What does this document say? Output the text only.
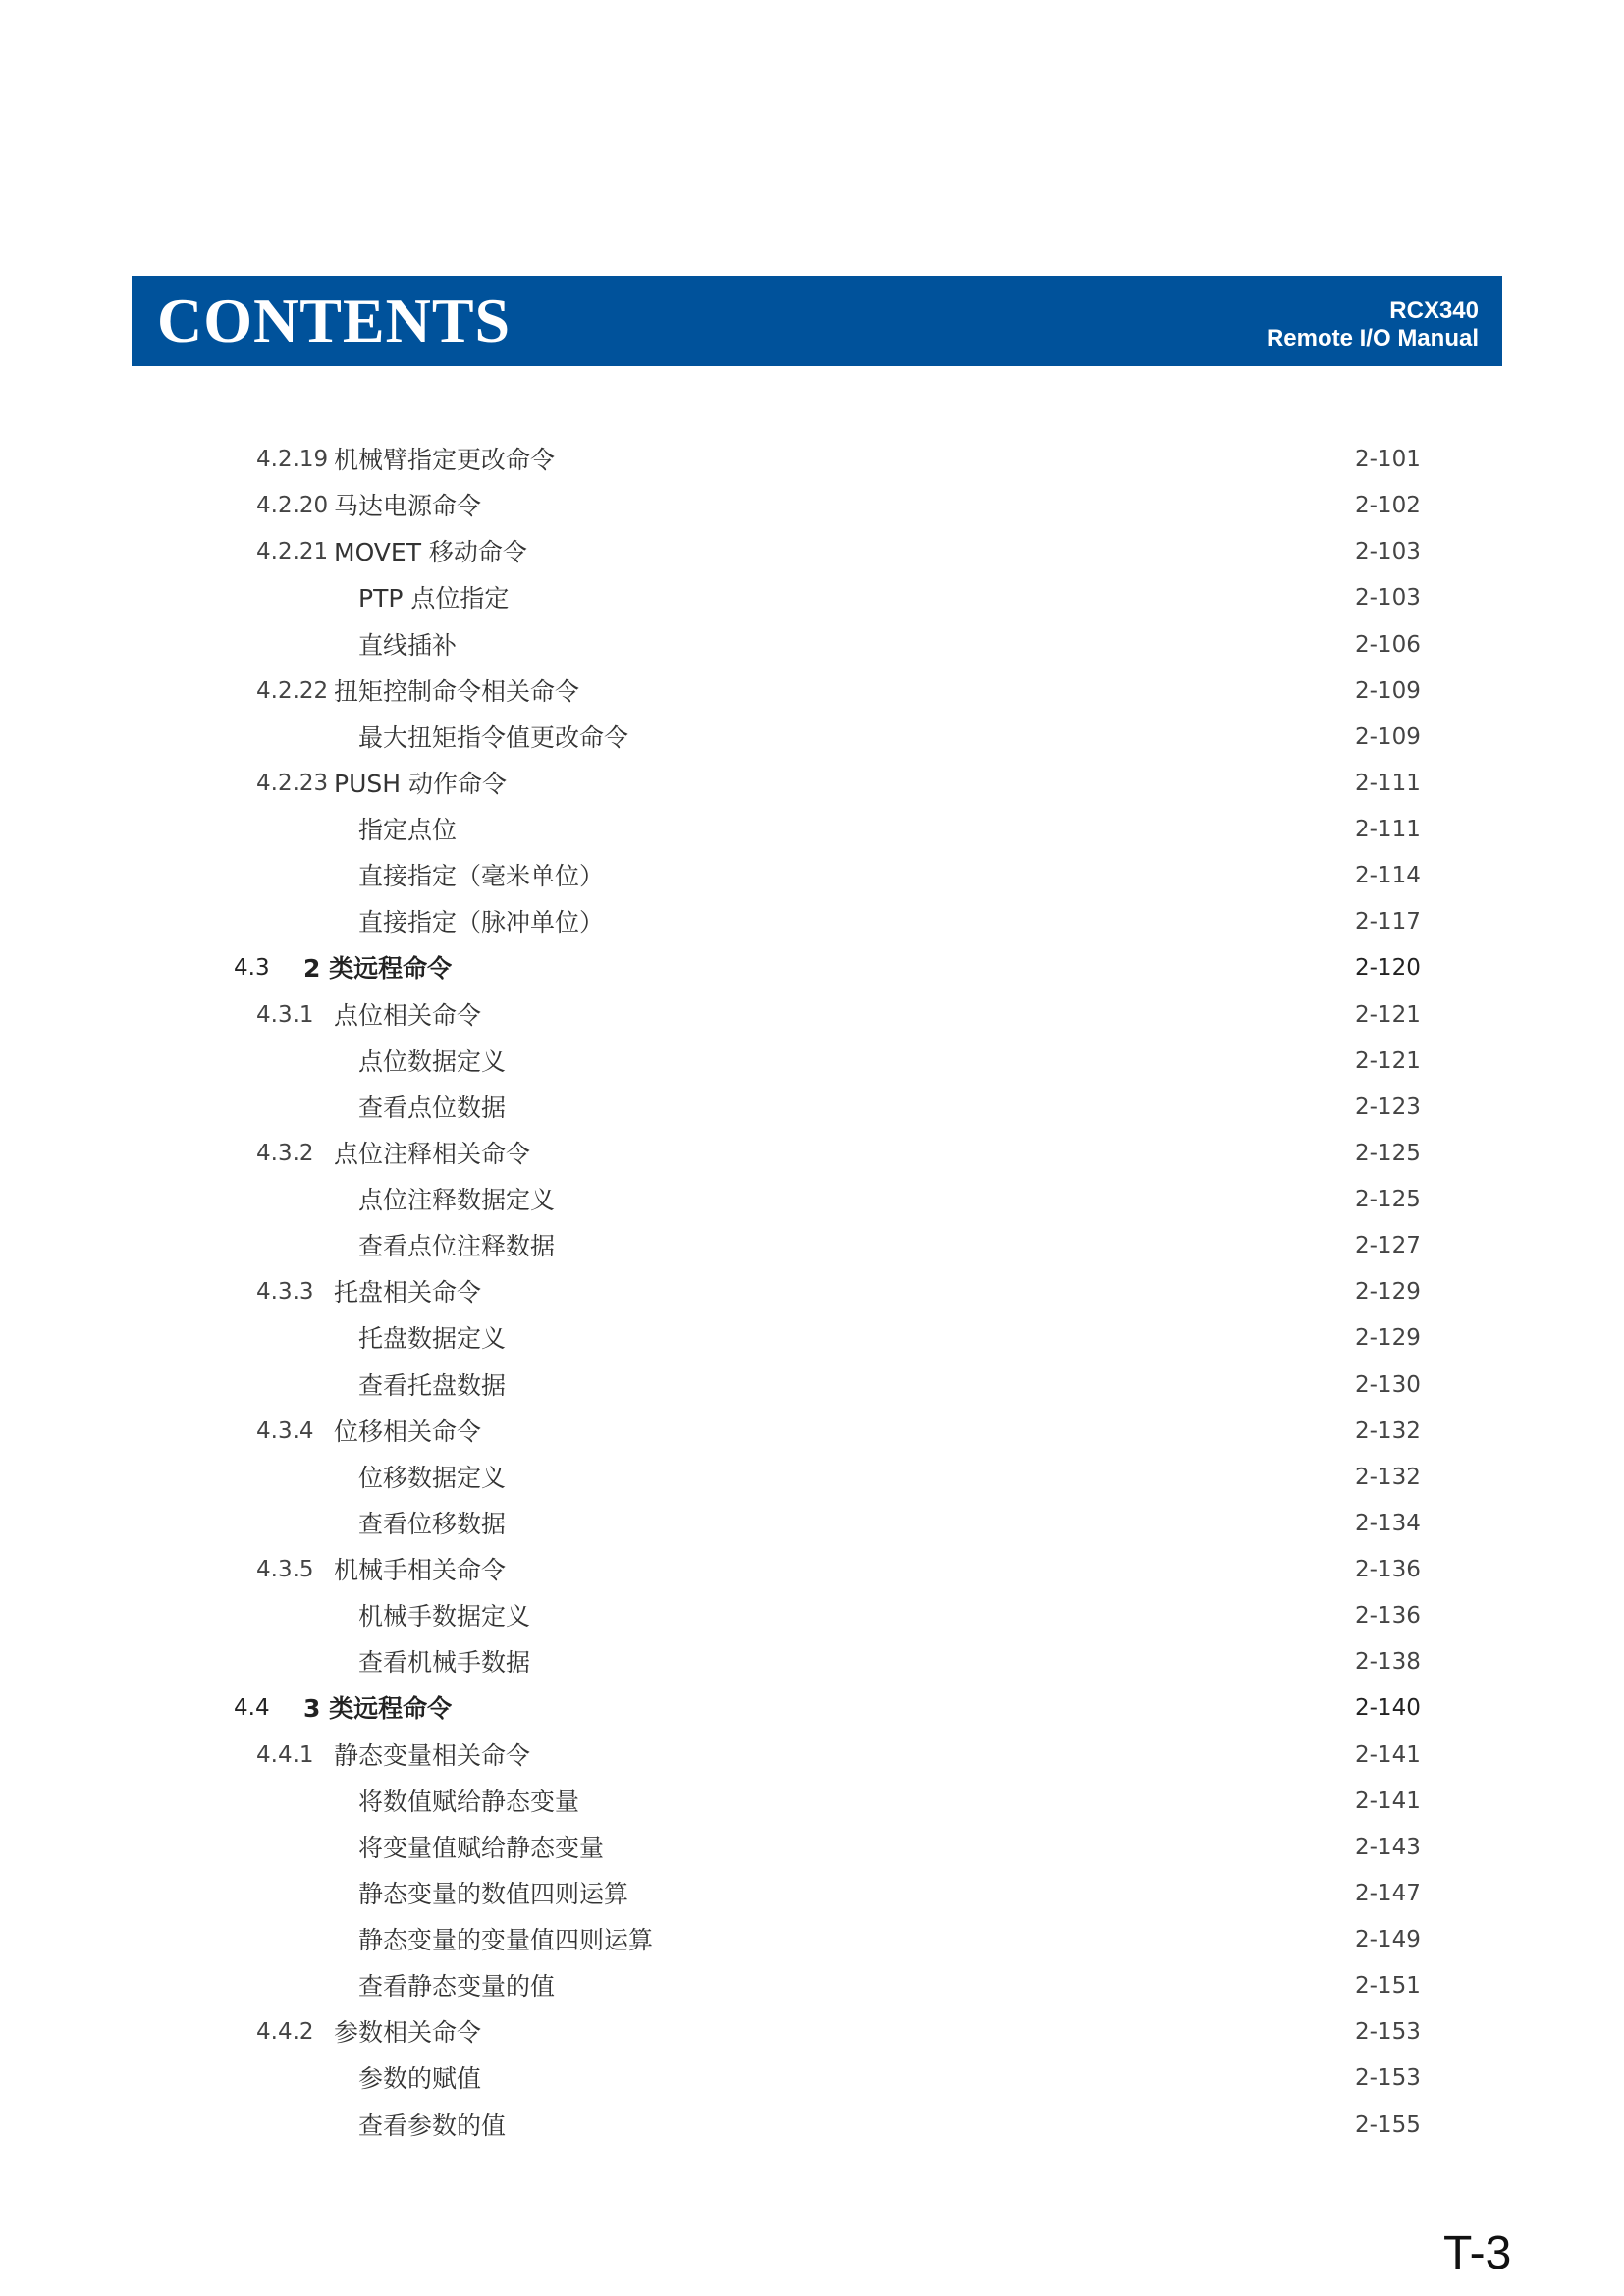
CONTENTS	RCX340
Remote I/O Manual
4.2.19 机械臂指定更改命令	2-101
4.2.20 马达电源命令	2-102
4.2.21 MOVET 移动命令	2-103
PTP 点位指定	2-103
直线插补	2-106
4.2.22 扭矩控制命令相关命令	2-109
最大扭矩指令值更改命令	2-109
4.2.23 PUSH 动作命令	2-111
指定点位	2-111
直接指定（毫米单位）	2-114
直接指定（脉冲单位）	2-117
4.3 2 类远程命令	2-120
4.3.1 点位相关命令	2-121
点位数据定义	2-121
查看点位数据	2-123
4.3.2 点位注释相关命令	2-125
点位注释数据定义	2-125
查看点位注释数据	2-127
4.3.3 托盘相关命令	2-129
托盘数据定义	2-129
查看托盘数据	2-130
4.3.4 位移相关命令	2-132
位移数据定义	2-132
查看位移数据	2-134
4.3.5 机械手相关命令	2-136
机械手数据定义	2-136
查看机械手数据	2-138
4.4 3 类远程命令	2-140
4.4.1 静态变量相关命令	2-141
将数值赋给静态变量	2-141
将变量值赋给静态变量	2-143
静态变量的数值四则运算	2-147
静态变量的变量值四则运算	2-149
查看静态变量的值	2-151
4.4.2 参数相关命令	2-153
参数的赋值	2-153
查看参数的值	2-155
T-3
